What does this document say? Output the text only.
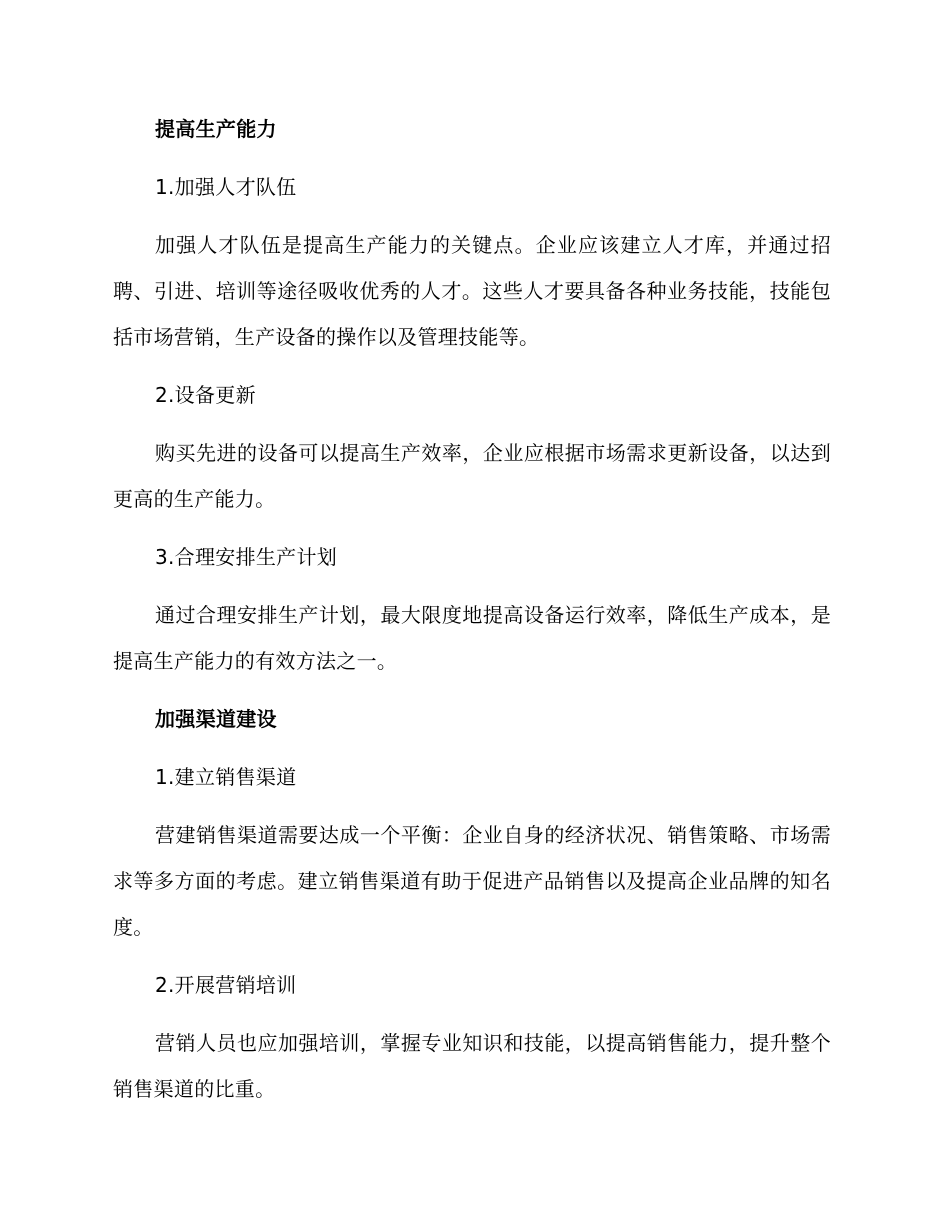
提高生产能力

1.加强人才队伍

加强人才队伍是提高生产能力的关键点。企业应该建立人才库，并通过招聘、引进、培训等途径吸收优秀的人才。这些人才要具备各种业务技能，技能包括市场营销，生产设备的操作以及管理技能等。

2.设备更新

购买先进的设备可以提高生产效率，企业应根据市场需求更新设备，以达到更高的生产能力。

3.合理安排生产计划

通过合理安排生产计划，最大限度地提高设备运行效率，降低生产成本，是提高生产能力的有效方法之一。

加强渠道建设

1.建立销售渠道

营建销售渠道需要达成一个平衡：企业自身的经济状况、销售策略、市场需求等多方面的考虑。建立销售渠道有助于促进产品销售以及提高企业品牌的知名度。

2.开展营销培训

营销人员也应加强培训，掌握专业知识和技能，以提高销售能力，提升整个销售渠道的比重。
